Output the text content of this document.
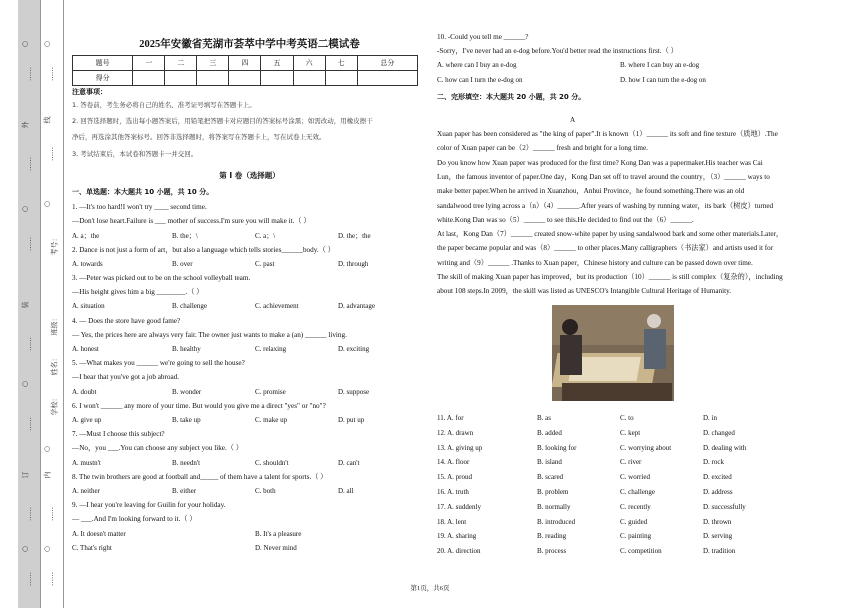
○
……
外
……
○
……
装
……
○
……
订
……
○
……
○
……
线
……
○
考号：
班级：
姓名：
学校：
○
内
……
○
……
2025年安徽省芜湖市荟萃中学中考英语二模试卷
题号	一	二	三	四	五	六	七	总分
得分								
注意事项：
1. 答卷前，考生务必将自己的姓名、准考证号填写在答题卡上。
2. 回答选择题时，选出每小题答案后，用铅笔把答题卡对应题目的答案标号涂黑；如需改动，用橡皮擦干
净后，再选涂其他答案标号。回答非选择题时，将答案写在答题卡上，写在试卷上无效。
3. 考试结束后，本试卷和答题卡一并交回。
第 I 卷（选择题）
一、单选题：本大题共 10 小题，共 10 分。
1. —It's too hard!I won't try ____ second time.
—Don't lose heart.Failure is ___ mother of success.I'm sure you will make it.（ ）
A. a；the	B. the；\	C. a；\	D. the；the
2. Dance is not just a form of art，but also a language which tells stories______body.（ ）
A. towards	B. over	C. past	D. through
3. —Peter was picked out to be on the school volleyball team.
—His height gives him a big ________.（ ）
A. situation	B. challenge	C. achievement	D. advantage
4. — Does the store have good fame?
— Yes, the prices here are always very fair. The owner just wants to make a (an) ______ living.
A. honest	B. healthy	C. relaxing	D. exciting
5. —What makes you ______ we're going to sell the house?
—I hear that you've got a job abroad.
A. doubt	B. wonder	C. promise	D. suppose
6. I won't ______ any more of your time. But would you give me a direct "yes" or "no"?
A. give up	B. take up	C. make up	D. put up
7. —Must I choose this subject?
—No，you ___.You can choose any subject you like.（ ）
A. mustn't	B. needn't	C. shouldn't	D. can't
8. The twin brothers are good at football and_____ of them have a talent for sports.（ ）
A. neither	B. either	C. both	D. all
9. —I hear you're leaving for Guilin for your holiday.
— ___.And I'm looking forward to it.（ ）
A. It doesn't matter	B. It's a pleasure
C. That's right	D. Never mind
10. -Could you tell me ______?
-Sorry，I've never had an e-dog before.You'd better read the instructions first.（ ）
A. where can I buy an e-dog	B. where I can buy an e-dog
C. how can I turn the e-dog on	D. how I can turn the e-dog on
二、完形填空：本大题共 20 小题，共 20 分。
A
Xuan paper has been considered as "the king of paper".It is known（1）______ its soft and fine texture（质地）.The
color of Xuan paper can be（2）______ fresh and bright for a long time.
Do you know how Xuan paper was produced for the first time? Kong Dan was a papermaker.His teacher was Cai
Lun，the famous inventor of paper.One day，Kong Dan set off to travel around the country，（3）______ ways to
make better paper.When he arrived in Xuanzhou，Anhui Province，he found something.There was an old
sandalwood tree lying across a（n）（4）______.After years of washing by running water，its bark（树皮）turned
white.Kong Dan was so（5）______ to see this.He decided to find out the（6）______.
At last，Kong Dan（7）______ created snow-white paper by using sandalwood bark and some other materials.Later，
the paper became popular and was（8）______ to other places.Many calligraphers（书法家）and artists used it for
writing and（9）______ .Thanks to Xuan paper，Chinese history and culture can be passed down over time.
The skill of making Xuan paper has improved，but its production（10）______ is still complex（复杂的），including
about 108 steps.In 2009，the skill was listed as UNESCO's Intangible Cultural Heritage of Humanity.
11. A. for	B. as	C. to	D. in
12. A. drawn	B. added	C. kept	D. changed
13. A. giving up	B. looking for	C. worrying about	D. dealing with
14. A. floor	B. island	C. river	D. rock
15. A. proud	B. scared	C. worried	D. excited
16. A. truth	B. problem	C. challenge	D. address
17. A. suddenly	B. normally	C. recently	D. successfully
18. A. lent	B. introduced	C. guided	D. thrown
19. A. sharing	B. reading	C. painting	D. serving
20. A. direction	B. process	C. competition	D. tradition
第1页，共6页
